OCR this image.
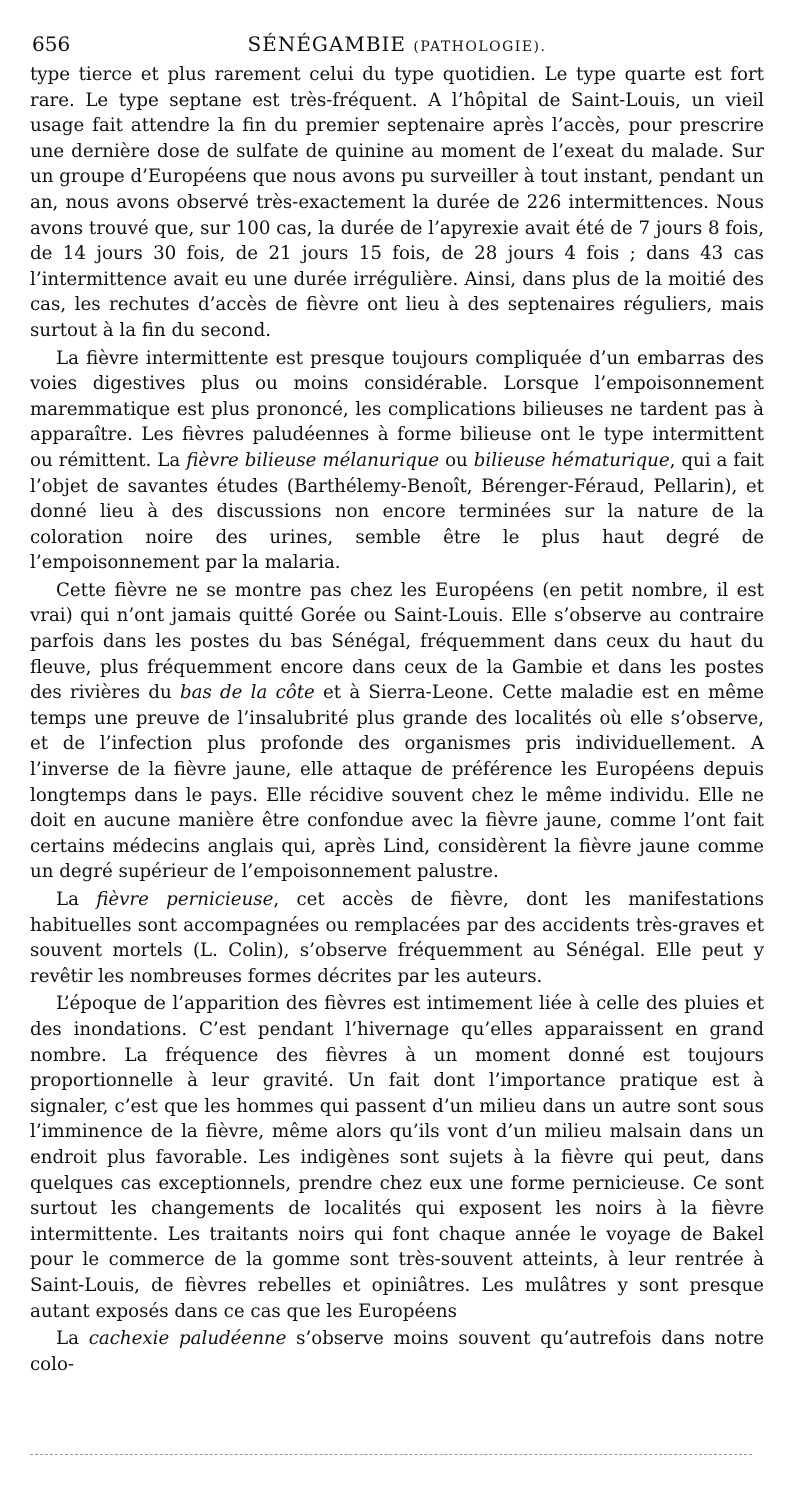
656	SÉNÉGAMBIE (PATHOLOGIE).

type tierce et plus rarement celui du type quotidien. Le type quarte est fort rare. Le type septane est très-fréquent. A l’hôpital de Saint-Louis, un vieil usage fait attendre la fin du premier septenaire après l’accès, pour prescrire une dernière dose de sulfate de quinine au moment de l’exeat du malade. Sur un groupe d’Européens que nous avons pu surveiller à tout instant, pendant un an, nous avons observé très-exactement la durée de 226 intermittences. Nous avons trouvé que, sur 100 cas, la durée de l’apyrexie avait été de 7 jours 8 fois, de 14 jours 30 fois, de 21 jours 15 fois, de 28 jours 4 fois ; dans 43 cas l’intermittence avait eu une durée irrégulière. Ainsi, dans plus de la moitié des cas, les rechutes d’accès de fièvre ont lieu à des septenaires réguliers, mais surtout à la fin du second.

La fièvre intermittente est presque toujours compliquée d’un embarras des voies digestives plus ou moins considérable. Lorsque l’empoisonnement maremmatique est plus prononcé, les complications bilieuses ne tardent pas à apparaître. Les fièvres paludéennes à forme bilieuse ont le type intermittent ou rémittent. La fièvre bilieuse mélanurique ou bilieuse hématurique, qui a fait l’objet de savantes études (Barthélemy-Benoît, Bérenger-Féraud, Pellarin), et donné lieu à des discussions non encore terminées sur la nature de la coloration noire des urines, semble être le plus haut degré de l’empoisonnement par la malaria.

Cette fièvre ne se montre pas chez les Européens (en petit nombre, il est vrai) qui n’ont jamais quitté Gorée ou Saint-Louis. Elle s’observe au contraire parfois dans les postes du bas Sénégal, fréquemment dans ceux du haut du fleuve, plus fréquemment encore dans ceux de la Gambie et dans les postes des rivières du bas de la côte et à Sierra-Leone. Cette maladie est en même temps une preuve de l’insalubrité plus grande des localités où elle s’observe, et de l’infection plus profonde des organismes pris individuellement. A l’inverse de la fièvre jaune, elle attaque de préférence les Européens depuis longtemps dans le pays. Elle récidive souvent chez le même individu. Elle ne doit en aucune manière être confondue avec la fièvre jaune, comme l’ont fait certains médecins anglais qui, après Lind, considèrent la fièvre jaune comme un degré supérieur de l’empoisonnement palustre.

La fièvre pernicieuse, cet accès de fièvre, dont les manifestations habituelles sont accompagnées ou remplacées par des accidents très-graves et souvent mortels (L. Colin), s’observe fréquemment au Sénégal. Elle peut y revêtir les nombreuses formes décrites par les auteurs.

L’époque de l’apparition des fièvres est intimement liée à celle des pluies et des inondations. C’est pendant l’hivernage qu’elles apparaissent en grand nombre. La fréquence des fièvres à un moment donné est toujours proportionnelle à leur gravité. Un fait dont l’importance pratique est à signaler, c’est que les hommes qui passent d’un milieu dans un autre sont sous l’imminence de la fièvre, même alors qu’ils vont d’un milieu malsain dans un endroit plus favorable. Les indigènes sont sujets à la fièvre qui peut, dans quelques cas exceptionnels, prendre chez eux une forme pernicieuse. Ce sont surtout les changements de localités qui exposent les noirs à la fièvre intermittente. Les traitants noirs qui font chaque année le voyage de Bakel pour le commerce de la gomme sont très-souvent atteints, à leur rentrée à Saint-Louis, de fièvres rebelles et opiniâtres. Les mulâtres y sont presque autant exposés dans ce cas que les Européens

La cachexie paludéenne s’observe moins souvent qu’autrefois dans notre colo-
